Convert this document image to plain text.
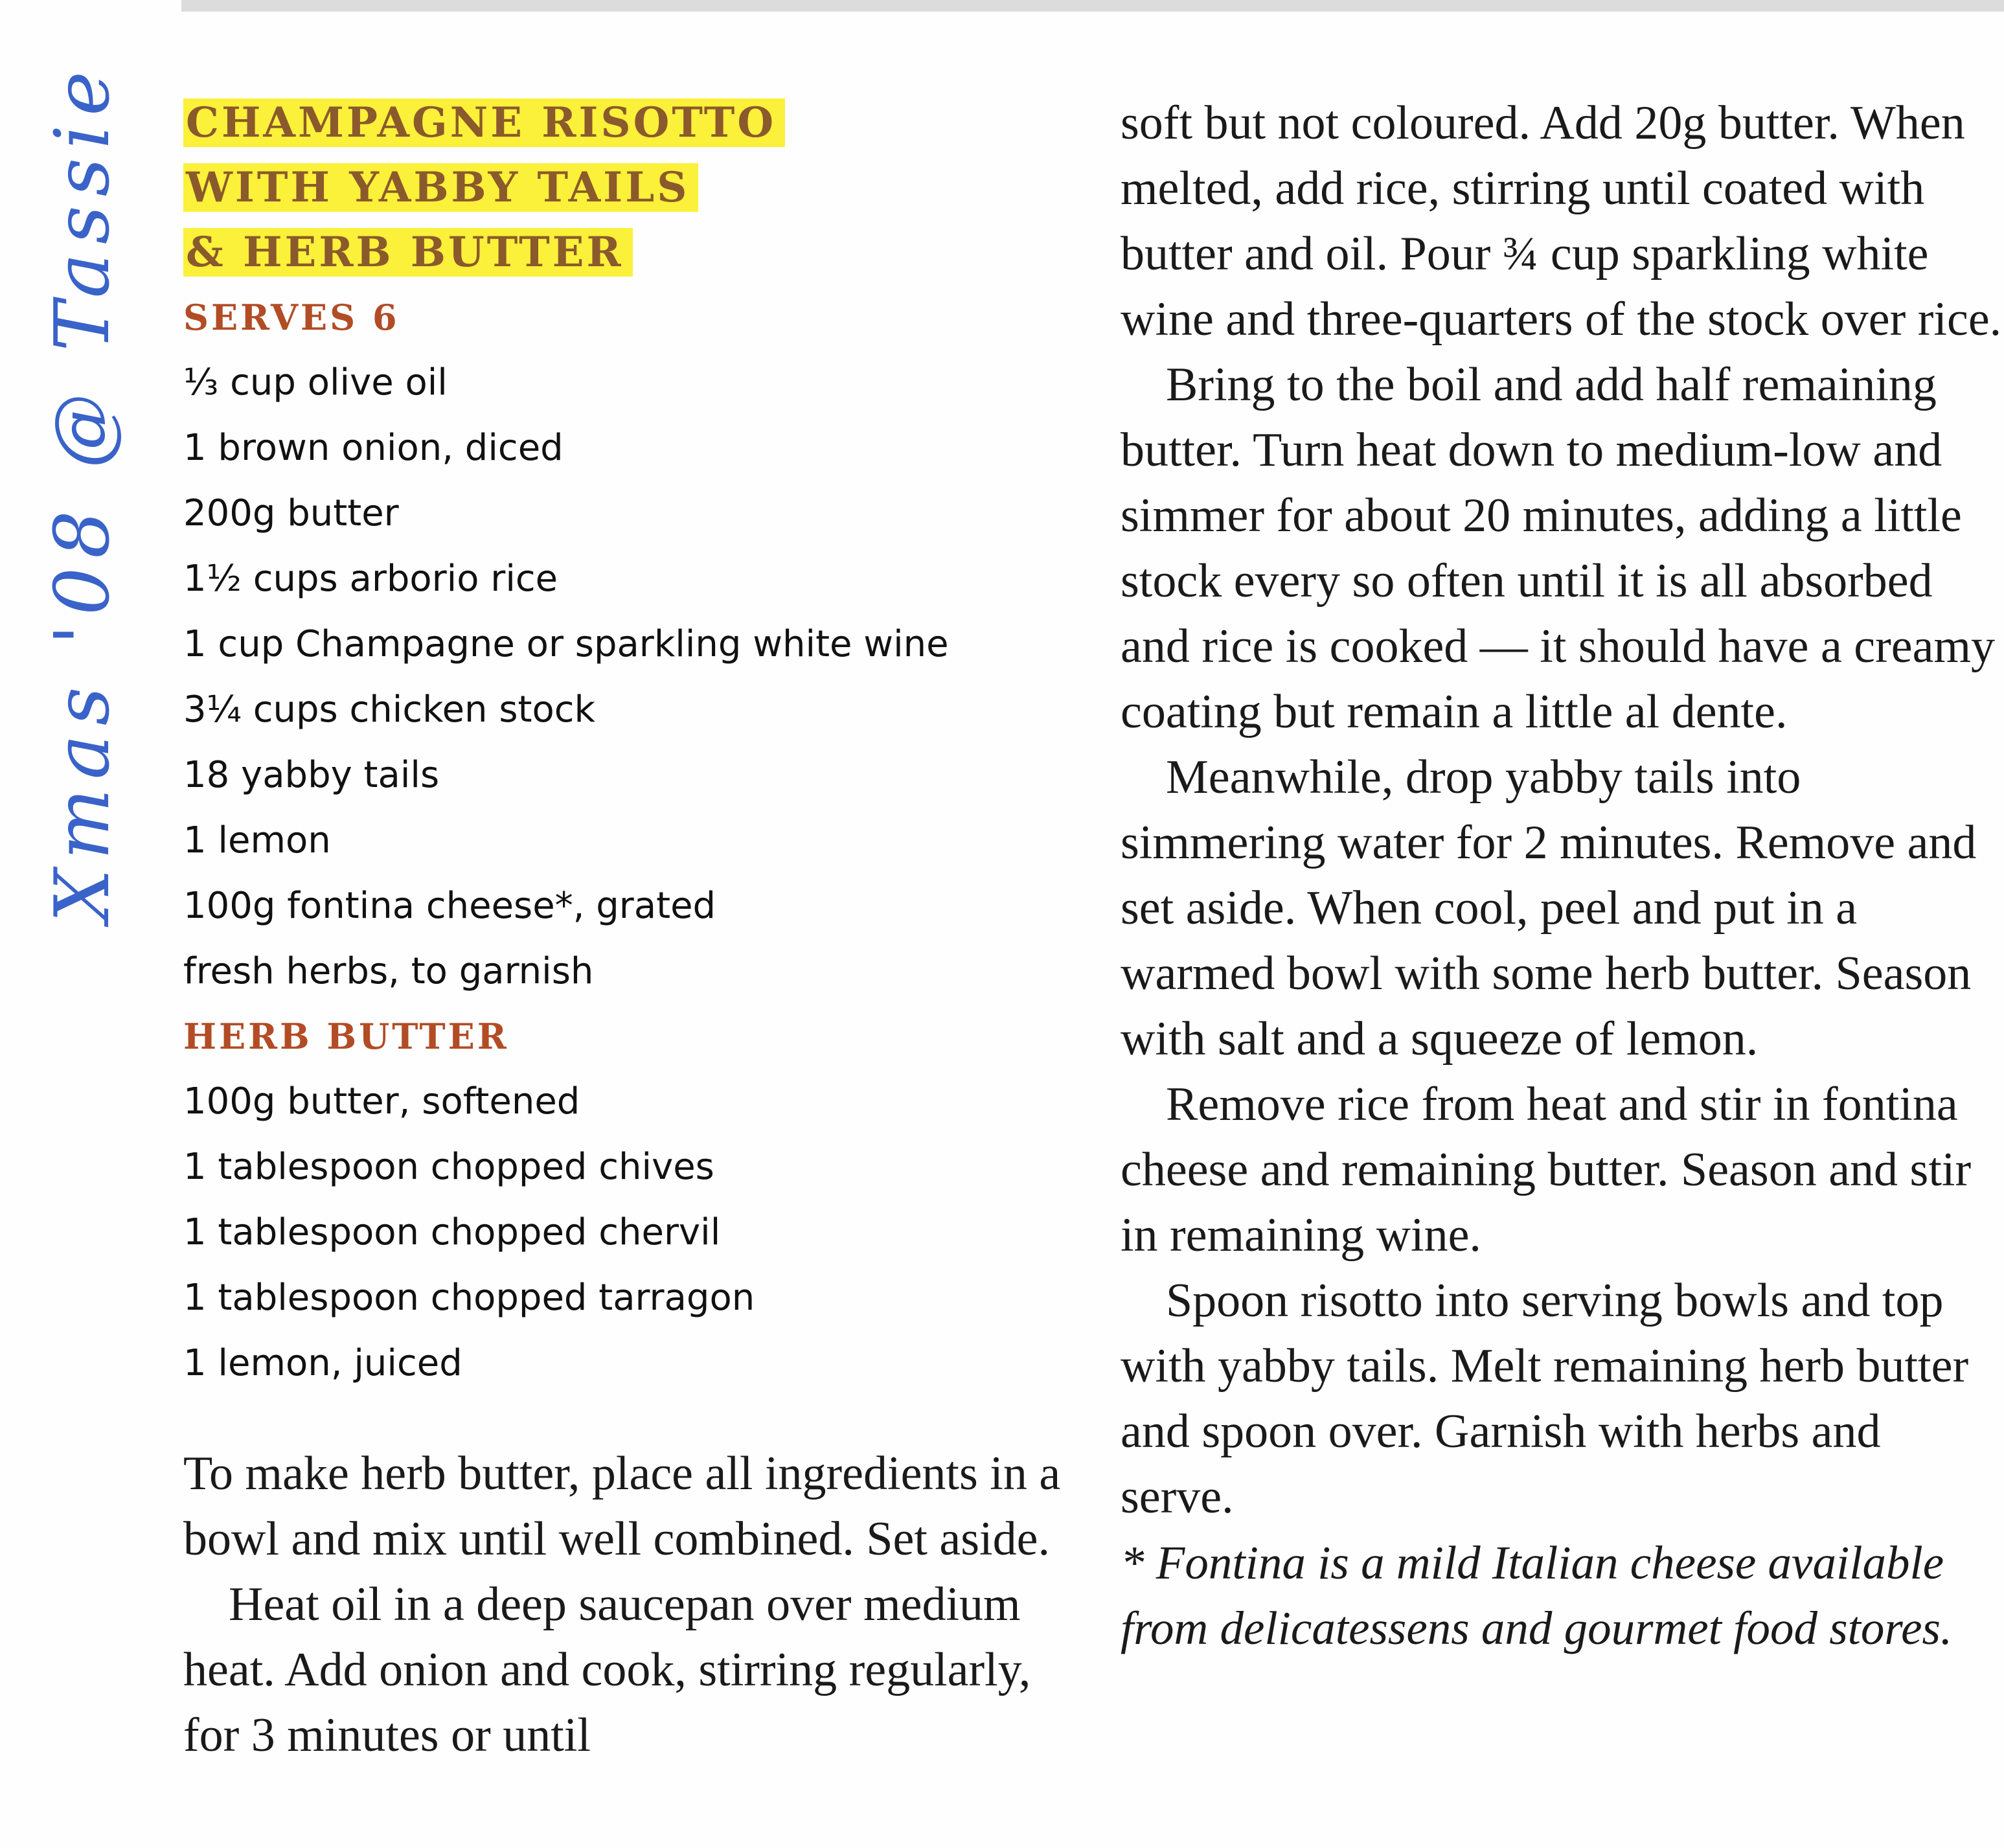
Xmas '08 @ Tassie CHAMPAGNE RISOTTO
WITH YABBY TAILS
& HERB BUTTER
SERVES 6
⅓ cup olive oil
1 brown onion, diced
200g butter
1½ cups arborio rice
1 cup Champagne or sparkling white wine
3¼ cups chicken stock
18 yabby tails
1 lemon
100g fontina cheese*, grated
fresh herbs, to garnish
HERB BUTTER
100g butter, softened
1 tablespoon chopped chives
1 tablespoon chopped chervil
1 tablespoon chopped tarragon
1 lemon, juiced

To make herb butter, place all ingredients in a bowl and mix until well combined. Set aside.

Heat oil in a deep saucepan over medium heat. Add onion and cook, stirring regularly, for 3 minutes or until

soft but not coloured. Add 20g butter. When melted, add rice, stirring until coated with butter and oil. Pour ¾ cup sparkling white wine and three-quarters of the stock over rice.

Bring to the boil and add half remaining butter. Turn heat down to medium-low and simmer for about 20 minutes, adding a little stock every so often until it is all absorbed and rice is cooked — it should have a creamy coating but remain a little al dente.

Meanwhile, drop yabby tails into simmering water for 2 minutes. Remove and set aside. When cool, peel and put in a warmed bowl with some herb butter. Season with salt and a squeeze of lemon.

Remove rice from heat and stir in fontina cheese and remaining butter. Season and stir in remaining wine.

Spoon risotto into serving bowls and top with yabby tails. Melt remaining herb butter and spoon over. Garnish with herbs and serve.

* Fontina is a mild Italian cheese available from delicatessens and gourmet food stores.
